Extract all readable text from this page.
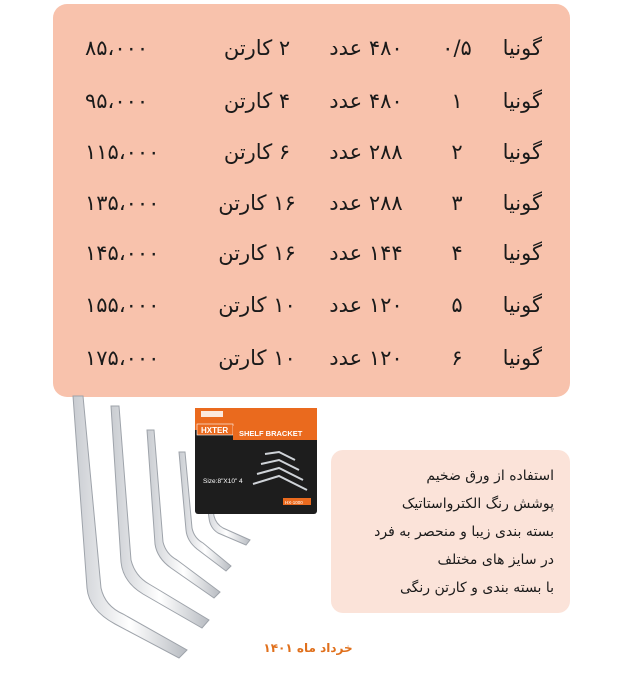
گونیا
۰/۵
۴۸۰ عدد
۲ کارتن
۸۵،۰۰۰
گونیا
۱
۴۸۰ عدد
۴ کارتن
۹۵،۰۰۰
گونیا
۲
۲۸۸ عدد
۶ کارتن
۱۱۵،۰۰۰
گونیا
۳
۲۸۸ عدد
۱۶ کارتن
۱۳۵،۰۰۰
گونیا
۴
۱۴۴ عدد
۱۶ کارتن
۱۴۵،۰۰۰
گونیا
۵
۱۲۰ عدد
۱۰ کارتن
۱۵۵،۰۰۰
گونیا
۶
۱۲۰ عدد
۱۰ کارتن
۱۷۵،۰۰۰
HXTER SHELF BRACKET
Size:8"X10" 4
HX-1000
استفاده از ورق ضخیم
پوشش رنگ الکترواستاتیک
بسته بندی زیبا و منحصر به فرد
در سایز های مختلف
با بسته بندی و کارتن رنگی
خرداد ماه ۱۴۰۱
